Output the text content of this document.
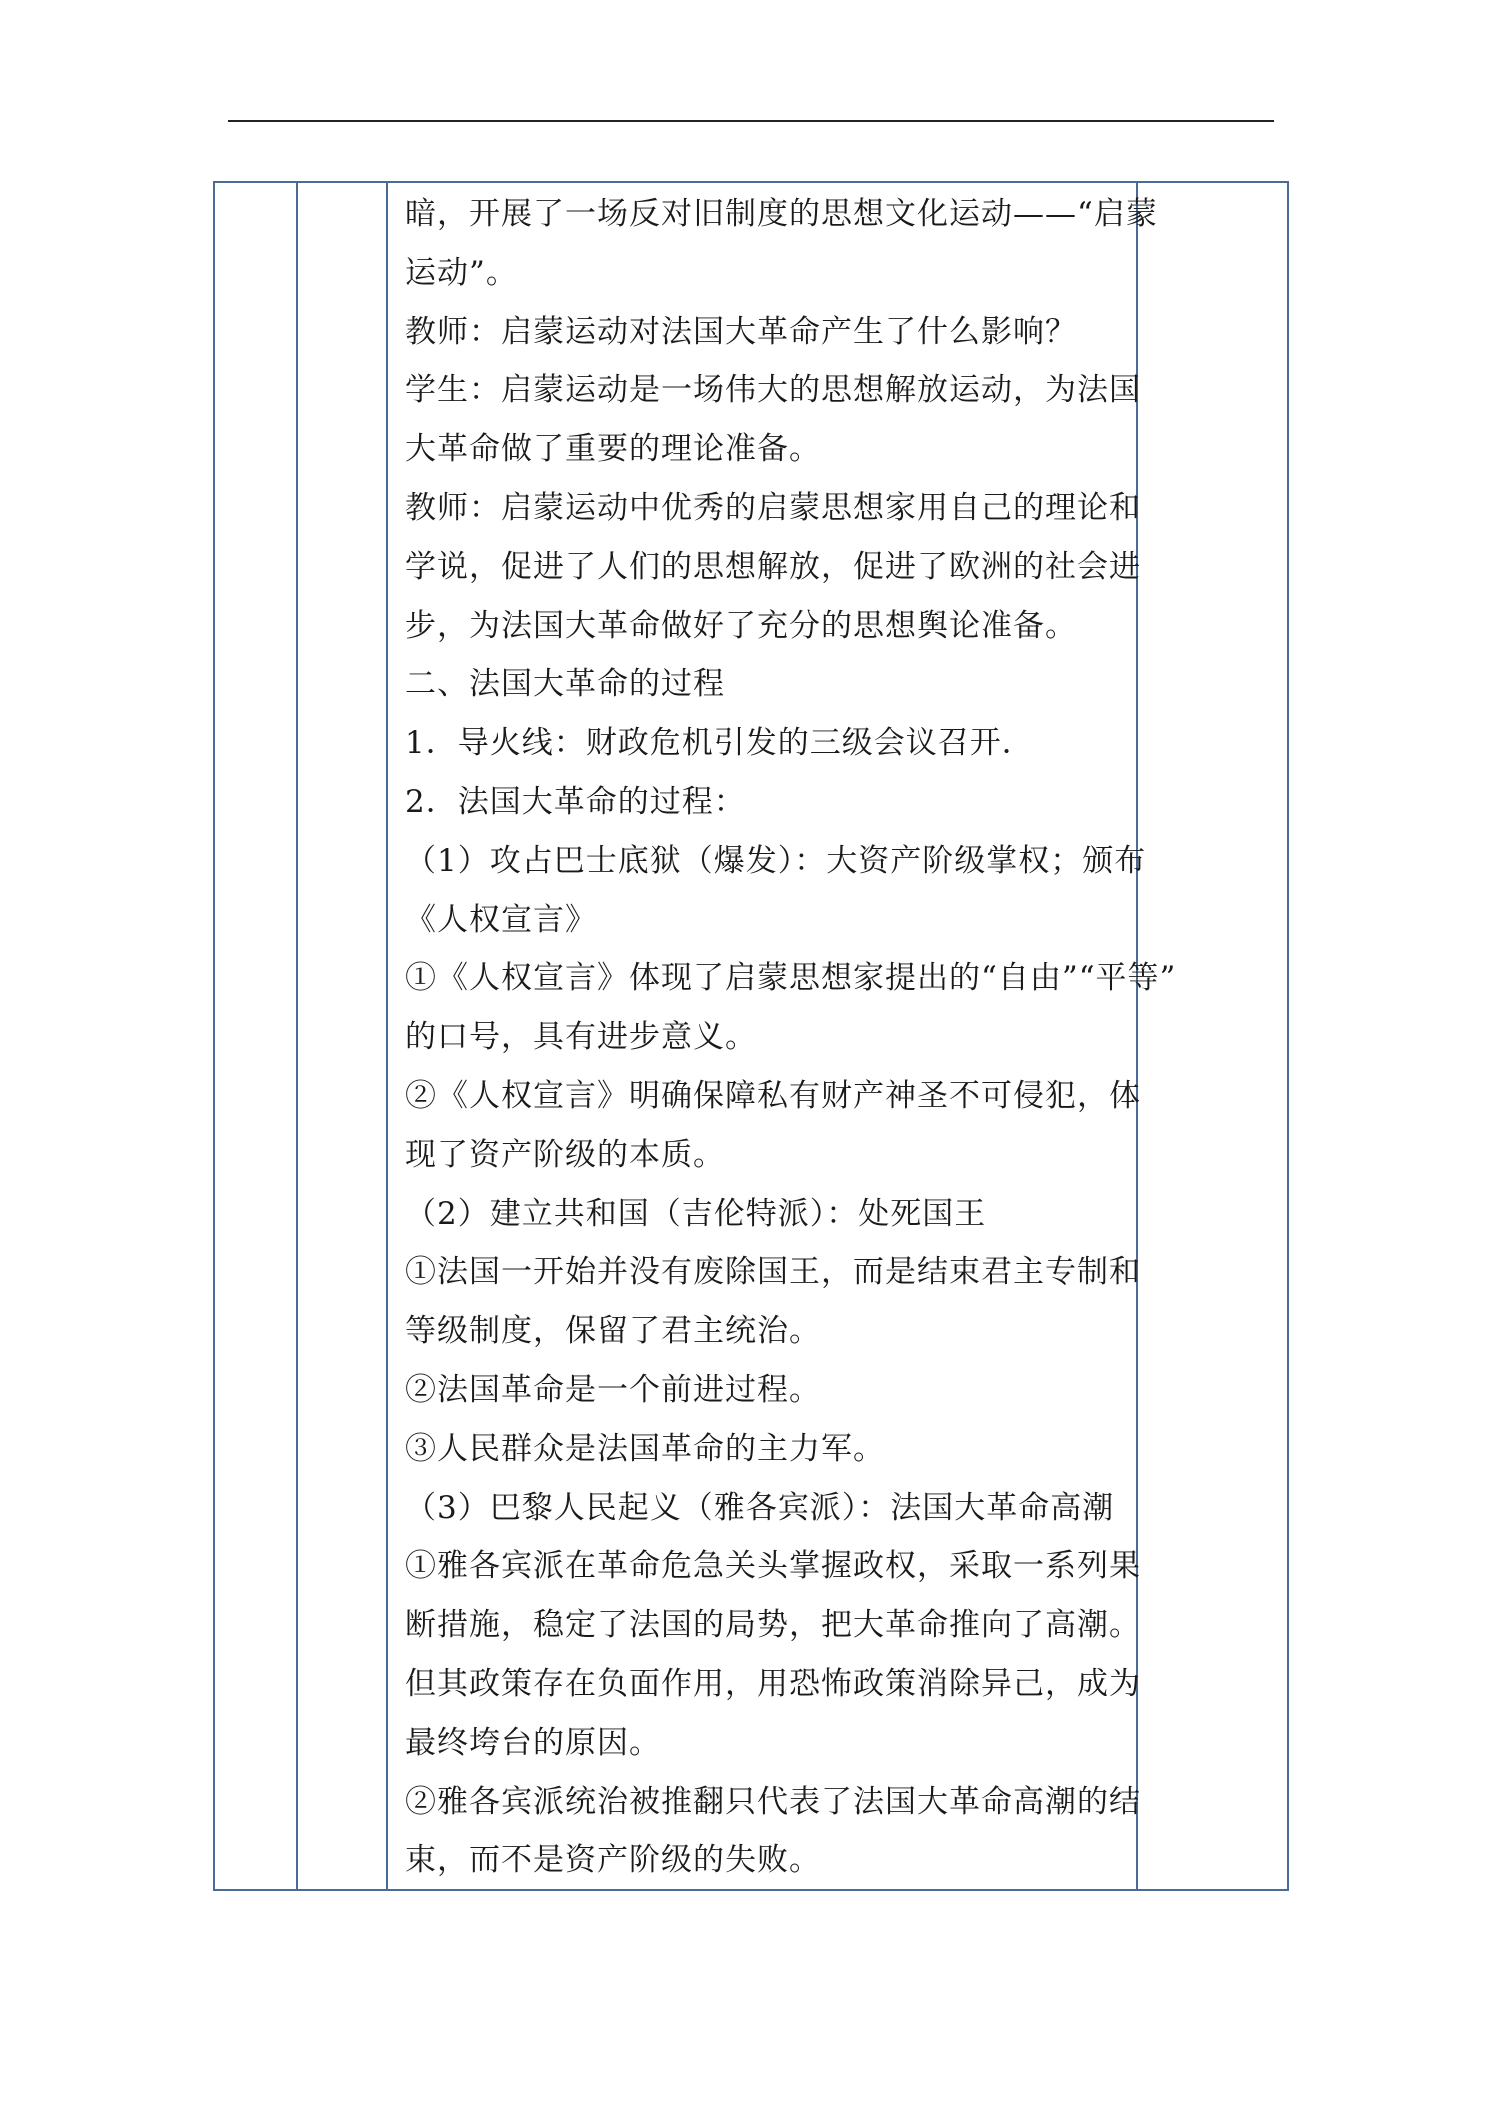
暗，开展了一场反对旧制度的思想文化运动——“启蒙

运动”。

教师：启蒙运动对法国大革命产生了什么影响？

学生：启蒙运动是一场伟大的思想解放运动，为法国

大革命做了重要的理论准备。

教师：启蒙运动中优秀的启蒙思想家用自己的理论和

学说，促进了人们的思想解放，促进了欧洲的社会进

步，为法国大革命做好了充分的思想舆论准备。

二、法国大革命的过程

1．导火线：财政危机引发的三级会议召开．

2．法国大革命的过程：

（1）攻占巴士底狱（爆发）：大资产阶级掌权；颁布

《人权宣言》

①《人权宣言》体现了启蒙思想家提出的“自由”“平等”

的口号，具有进步意义。

②《人权宣言》明确保障私有财产神圣不可侵犯，体

现了资产阶级的本质。

（2）建立共和国（吉伦特派）：处死国王

①法国一开始并没有废除国王，而是结束君主专制和

等级制度，保留了君主统治。

②法国革命是一个前进过程。

③人民群众是法国革命的主力军。

（3）巴黎人民起义（雅各宾派）：法国大革命高潮

①雅各宾派在革命危急关头掌握政权，采取一系列果

断措施，稳定了法国的局势，把大革命推向了高潮。

但其政策存在负面作用，用恐怖政策消除异己，成为

最终垮台的原因。

②雅各宾派统治被推翻只代表了法国大革命高潮的结

束，而不是资产阶级的失败。
